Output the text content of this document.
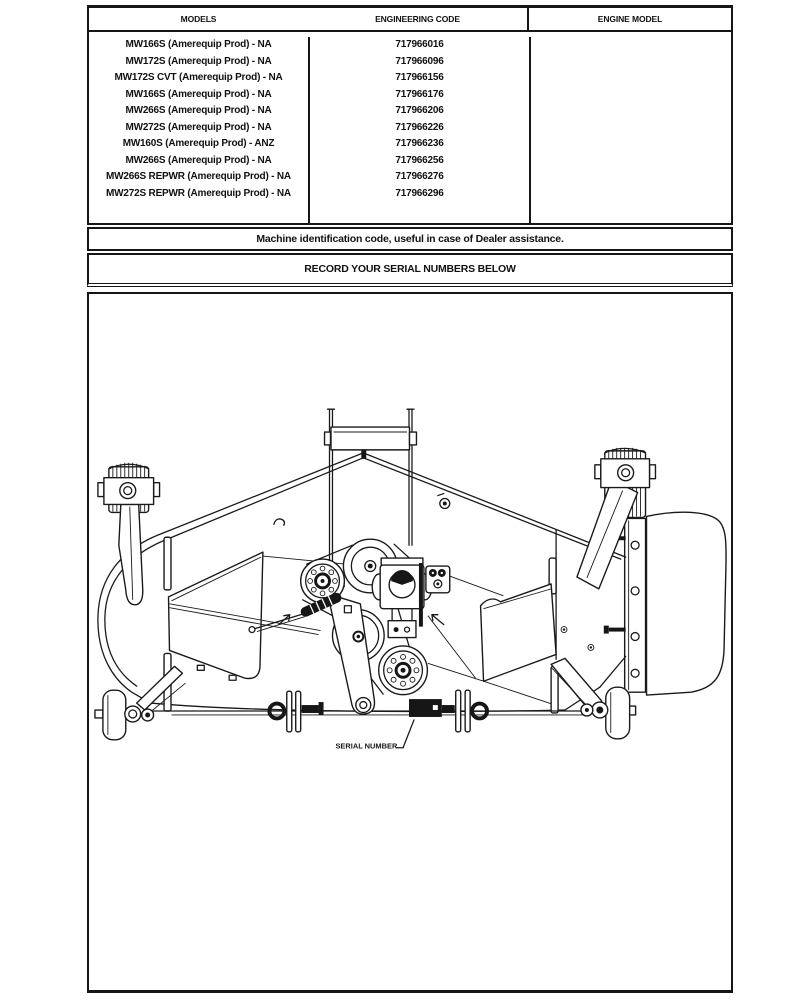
MODELS	ENGINEERING CODE	ENGINE MODEL
MW166S (Amerequip Prod) - NA	717966016
MW172S (Amerequip Prod) - NA	717966096
MW172S CVT (Amerequip Prod) - NA	717966156
MW166S (Amerequip Prod) - NA	717966176
MW266S (Amerequip Prod) - NA	717966206
MW272S (Amerequip Prod) - NA	717966226
MW160S (Amerequip Prod) - ANZ	717966236
MW266S (Amerequip Prod) - NA	717966256
MW266S REPWR (Amerequip Prod) - NA	717966276
MW272S REPWR (Amerequip Prod) - NA	717966296
Machine identification code, useful in case of Dealer assistance.
RECORD YOUR SERIAL NUMBERS BELOW
SER
SERIAL NUMBER
